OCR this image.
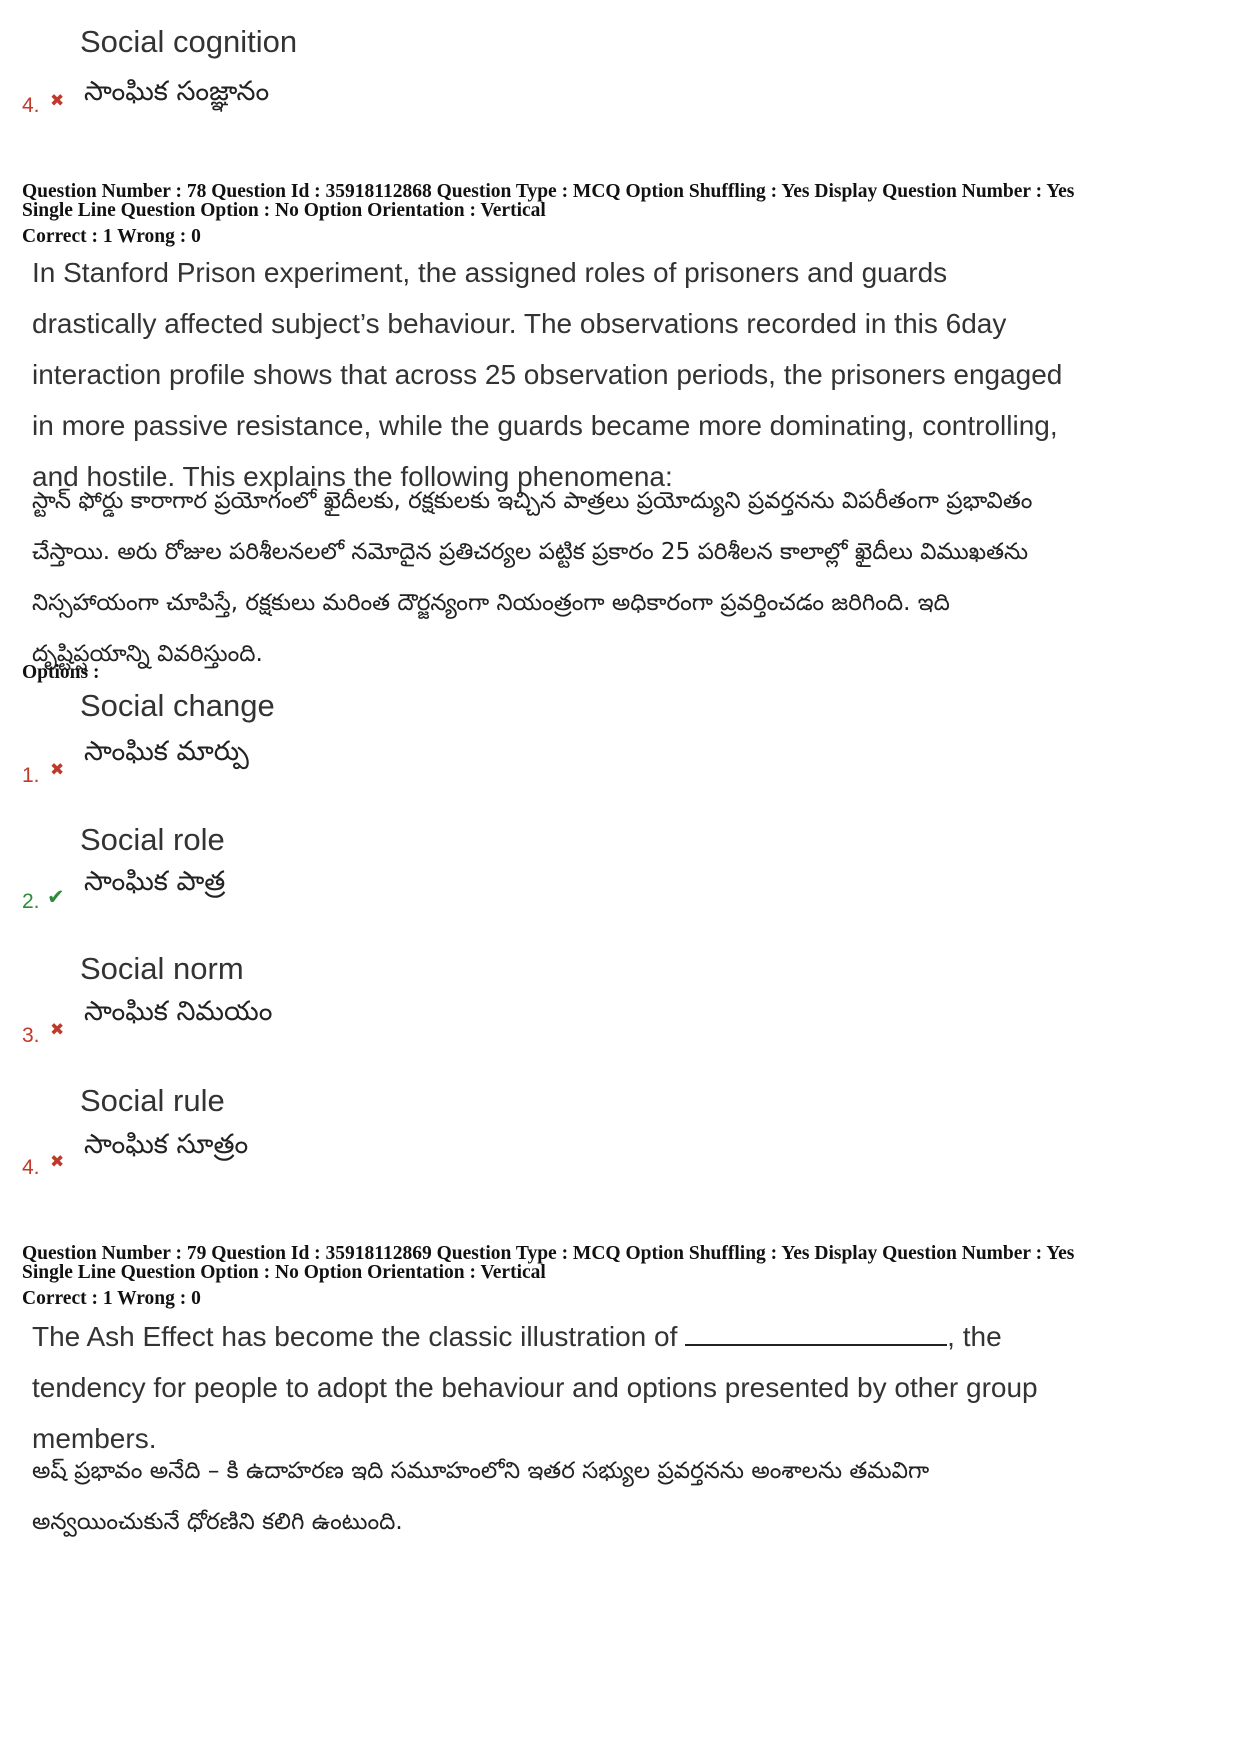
Social cognition
4. ✖ సాంఘిక సంజ్ఞానం
Question Number : 78 Question Id : 35918112868 Question Type : MCQ Option Shuffling : Yes Display Question Number : Yes
Single Line Question Option : No Option Orientation : Vertical
Correct : 1 Wrong : 0
In Stanford Prison experiment, the assigned roles of prisoners and guards drastically affected subject’s behaviour. The observations recorded in this 6day interaction profile shows that across 25 observation periods, the prisoners engaged in more passive resistance, while the guards became more dominating, controlling, and hostile. This explains the following phenomena:
స్టాన్ ఫోర్డు కారాగార ప్రయోగంలో ఖైదీలకు, రక్షకులకు ఇచ్చిన పాత్రలు ప్రయోద్యుని ప్రవర్తనను విపరీతంగా ప్రభావితం చేస్తాయి. అరు రోజుల పరిశీలనలలో నమోదైన ప్రతిచర్యల పట్టిక ప్రకారం 25 పరిశీలన కాలాల్లో ఖైదీలు విముఖతను నిస్సహాయంగా చూపిస్తే, రక్షకులు మరింత దౌర్జన్యంగా నియంత్రంగా అధికారంగా ప్రవర్తించడం జరిగింది. ఇది దృష్టిప్షయాన్ని వివరిస్తుంది.
Options :
Social change
సాంఘిక మార్పు
1. ✖
Social role
సాంఘిక పాత్ర
2. ✔
Social norm
సాంఘిక నిమయం
3. ✖
Social rule
సాంఘిక సూత్రం
4. ✖
Question Number : 79 Question Id : 35918112869 Question Type : MCQ Option Shuffling : Yes Display Question Number : Yes
Single Line Question Option : No Option Orientation : Vertical
Correct : 1 Wrong : 0
The Ash Effect has become the classic illustration of	, the tendency for people to adopt the behaviour and options presented by other group members.
అష్ ప్రభావం అనేది – కి ఉదాహరణ ఇది సమూహంలోని ఇతర సభ్యుల ప్రవర్తనను అంశాలను తమవిగా అన్వయించుకునే ధోరణిని కలిగి ఉంటుంది.
